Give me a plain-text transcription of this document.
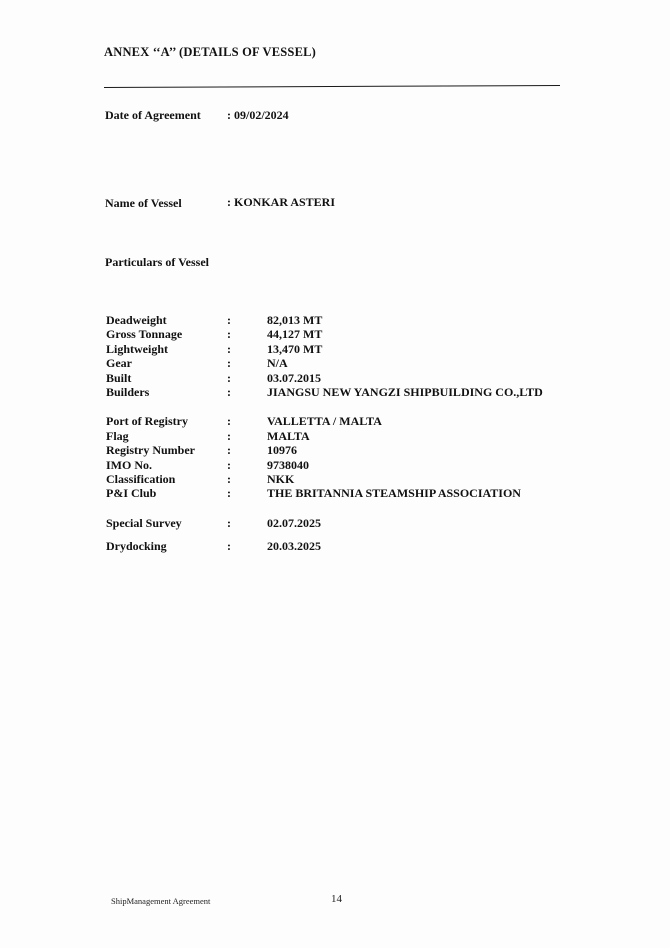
ANNEX ‘‘A’’ (DETAILS OF VESSEL)
Date of Agreement : 09/02/2024
Name of Vessel	: KONKAR ASTERI
Particulars of Vessel
Deadweight	:	82,013 MT
Gross Tonnage	:	44,127 MT
Lightweight	:	13,470 MT
Gear	:	N/A
Built	:	03.07.2015
Builders	:	JIANGSU NEW YANGZI SHIPBUILDING CO.,LTD
Port of Registry	:	VALLETTA / MALTA
Flag	:	MALTA
Registry Number	:	10976
IMO No.	:	9738040
Classification	:	NKK
P&I Club	:	THE BRITANNIA STEAMSHIP ASSOCIATION
Special Survey	:	02.07.2025
Drydocking	:	20.03.2025
ShipManagement Agreement	14
